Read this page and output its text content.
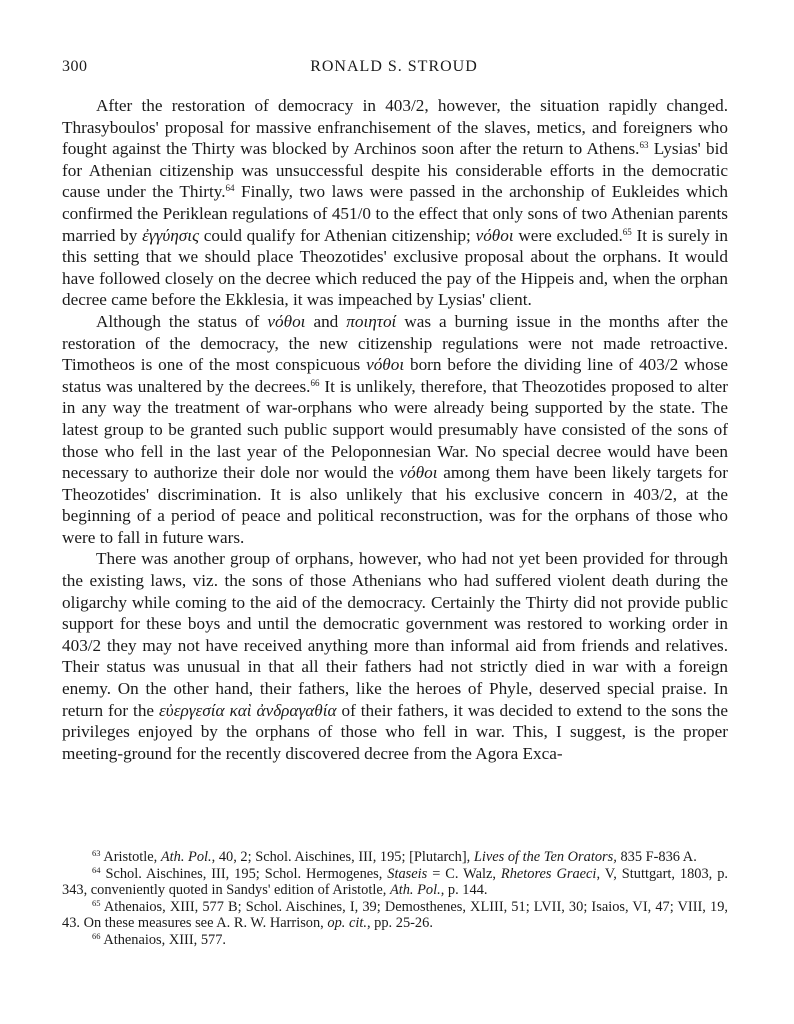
300	RONALD S. STROUD

After the restoration of democracy in 403/2, however, the situation rapidly changed. Thrasyboulos' proposal for massive enfranchisement of the slaves, metics, and foreigners who fought against the Thirty was blocked by Archinos soon after the return to Athens.$^{63}$ Lysias' bid for Athenian citizenship was unsuccessful despite his considerable efforts in the democratic cause under the Thirty.$^{64}$ Finally, two laws were passed in the archonship of Eukleides which confirmed the Periklean regulations of 451/0 to the effect that only sons of two Athenian parents married by ἐγγύησις could qualify for Athenian citizenship; νόθοι were excluded.$^{65}$ It is surely in this setting that we should place Theozotides' exclusive proposal about the orphans. It would have followed closely on the decree which reduced the pay of the Hippeis and, when the orphan decree came before the Ekklesia, it was impeached by Lysias' client.

Although the status of νόθοι and ποιητοί was a burning issue in the months after the restoration of the democracy, the new citizenship regulations were not made retroactive. Timotheos is one of the most conspicuous νόθοι born before the dividing line of 403/2 whose status was unaltered by the decrees.$^{66}$ It is unlikely, therefore, that Theozotides proposed to alter in any way the treatment of war-orphans who were already being supported by the state. The latest group to be granted such public support would presumably have consisted of the sons of those who fell in the last year of the Peloponnesian War. No special decree would have been necessary to authorize their dole nor would the νόθοι among them have been likely targets for Theozotides' discrimination. It is also unlikely that his exclusive concern in 403/2, at the beginning of a period of peace and political reconstruction, was for the orphans of those who were to fall in future wars.

There was another group of orphans, however, who had not yet been provided for through the existing laws, viz. the sons of those Athenians who had suffered violent death during the oligarchy while coming to the aid of the democracy. Certainly the Thirty did not provide public support for these boys and until the democratic government was restored to working order in 403/2 they may not have received anything more than informal aid from friends and relatives. Their status was unusual in that all their fathers had not strictly died in war with a foreign enemy. On the other hand, their fathers, like the heroes of Phyle, deserved special praise. In return for the εὐεργεσία καὶ ἀνδραγαθία of their fathers, it was decided to extend to the sons the privileges enjoyed by the orphans of those who fell in war. This, I suggest, is the proper meeting-ground for the recently discovered decree from the Agora Exca-

$^{63}$ Aristotle, Ath. Pol., 40, 2; Schol. Aischines, III, 195; [Plutarch], Lives of the Ten Orators, 835 F-836 A.

$^{64}$ Schol. Aischines, III, 195; Schol. Hermogenes, Staseis = C. Walz, Rhetores Graeci, V, Stuttgart, 1803, p. 343, conveniently quoted in Sandys' edition of Aristotle, Ath. Pol., p. 144.

$^{65}$ Athenaios, XIII, 577 B; Schol. Aischines, I, 39; Demosthenes, XLIII, 51; LVII, 30; Isaios, VI, 47; VIII, 19, 43. On these measures see A. R. W. Harrison, op. cit., pp. 25-26.

$^{66}$ Athenaios, XIII, 577.
